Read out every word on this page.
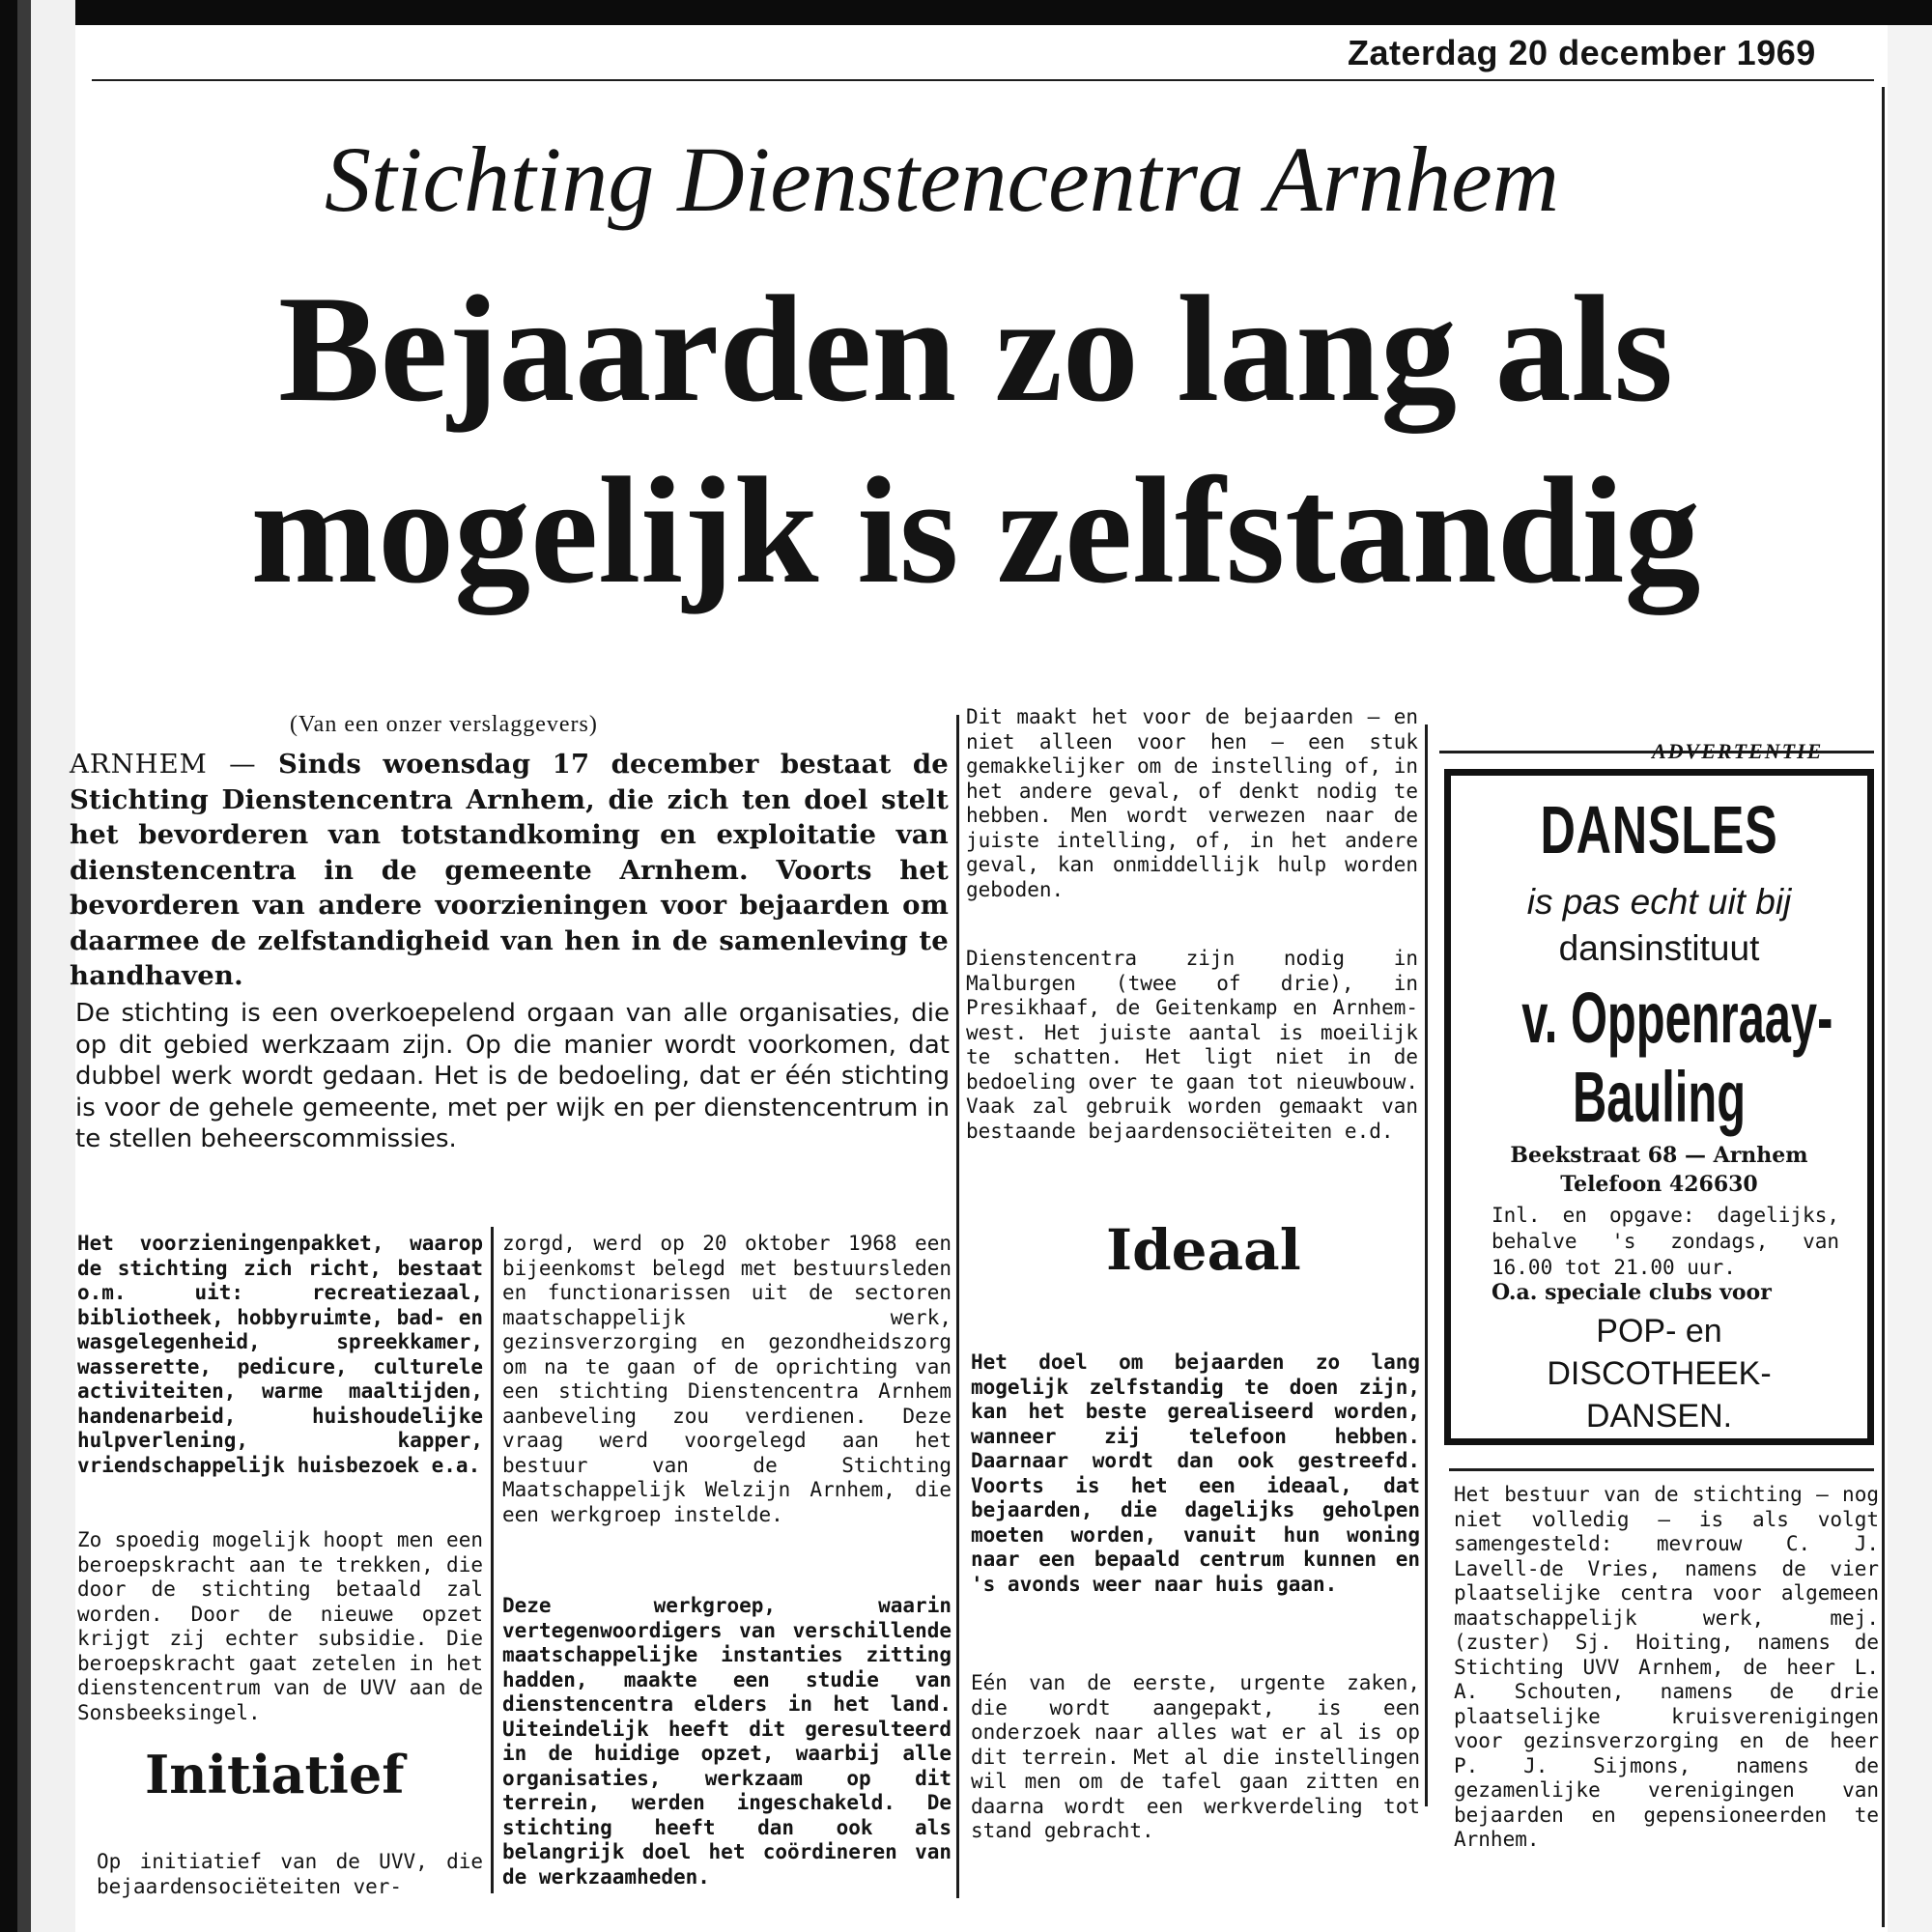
Zaterdag 20 december 1969
Stichting Dienstencentra Arnhem
Bejaarden zo lang als
mogelijk is zelfstandig
(Van een onzer verslaggevers)
ARNHEM — Sinds woensdag 17 december bestaat de Stichting Dienstencentra Arnhem, die zich ten doel stelt het bevorderen van totstandkoming en exploitatie van dienstencentra in de gemeente Arnhem. Voorts het bevorderen van andere voorzieningen voor bejaarden om daarmee de zelfstandigheid van hen in de samenleving te handhaven.
De stichting is een overkoepelend orgaan van alle organisaties, die op dit gebied werkzaam zijn. Op die manier wordt voorkomen, dat dubbel werk wordt gedaan. Het is de bedoeling, dat er één stichting is voor de gehele gemeente, met per wijk en per dienstencentrum in te stellen beheerscommissies.
Het voorzieningenpakket, waarop de stichting zich richt, bestaat o.m. uit: recreatiezaal, bibliotheek, hobbyruimte, bad- en wasgelegenheid, spreekkamer, wasserette, pedicure, culturele activiteiten, warme maaltijden, handenarbeid, huishoudelijke hulpverlening, kapper, vriendschappelijk huisbezoek e.a.
Zo spoedig mogelijk hoopt men een beroepskracht aan te trekken, die door de stichting betaald zal worden. Door de nieuwe opzet krijgt zij echter subsidie. Die beroepskracht gaat zetelen in het dienstencentrum van de UVV aan de Sonsbeeksingel.
Initiatief
Op initiatief van de UVV, die bejaardensociëteiten ver-
zorgd, werd op 20 oktober 1968 een bijeenkomst belegd met bestuursleden en functionarissen uit de sectoren maatschappelijk werk, gezinsverzorging en gezondheidszorg om na te gaan of de oprichting van een stichting Dienstencentra Arnhem aanbeveling zou verdienen. Deze vraag werd voorgelegd aan het bestuur van de Stichting Maatschappelijk Welzijn Arnhem, die een werkgroep instelde.
Deze werkgroep, waarin vertegenwoordigers van verschillende maatschappelijke instanties zitting hadden, maakte een studie van dienstencentra elders in het land. Uiteindelijk heeft dit geresulteerd in de huidige opzet, waarbij alle organisaties, werkzaam op dit terrein, werden ingeschakeld. De stichting heeft dan ook als belangrijk doel het coördineren van de werkzaamheden.
Dit maakt het voor de bejaarden — en niet alleen voor hen — een stuk gemakkelijker om de instelling of, in het andere geval, of denkt nodig te hebben. Men wordt verwezen naar de juiste intelling, of, in het andere geval, kan onmiddellijk hulp worden geboden.
Dienstencentra zijn nodig in Malburgen (twee of drie), in Presikhaaf, de Geitenkamp en Arnhem-west. Het juiste aantal is moeilijk te schatten. Het ligt niet in de bedoeling over te gaan tot nieuwbouw. Vaak zal gebruik worden gemaakt van bestaande bejaardensociëteiten e.d.
Ideaal
Het doel om bejaarden zo lang mogelijk zelfstandig te doen zijn, kan het beste gerealiseerd worden, wanneer zij telefoon hebben. Daarnaar wordt dan ook gestreefd. Voorts is het een ideaal, dat bejaarden, die dagelijks geholpen moeten worden, vanuit hun woning naar een bepaald centrum kunnen en 's avonds weer naar huis gaan.
Eén van de eerste, urgente zaken, die wordt aangepakt, is een onderzoek naar alles wat er al is op dit terrein. Met al die instellingen wil men om de tafel gaan zitten en daarna wordt een werkverdeling tot stand gebracht.
Het bestuur van de stichting — nog niet volledig — is als volgt samengesteld: mevrouw C. J. Lavell-de Vries, namens de vier plaatselijke centra voor algemeen maatschappelijk werk, mej. (zuster) Sj. Hoiting, namens de Stichting UVV Arnhem, de heer L. A. Schouten, namens de drie plaatselijke kruisverenigingen voor gezinsverzorging en de heer P. J. Sijmons, namens de gezamenlijke verenigingen van bejaarden en gepensioneerden te Arnhem.
ADVERTENTIE
DANSLES
is pas echt uit bij
dansinstituut
v. Oppenraay-
Bauling
Beekstraat 68 — Arnhem
Telefoon 426630
Inl. en opgave: dagelijks, behalve 's zondags, van 16.00 tot 21.00 uur.
O.a. speciale clubs voor
POP- en
DISCOTHEEK-
DANSEN.
